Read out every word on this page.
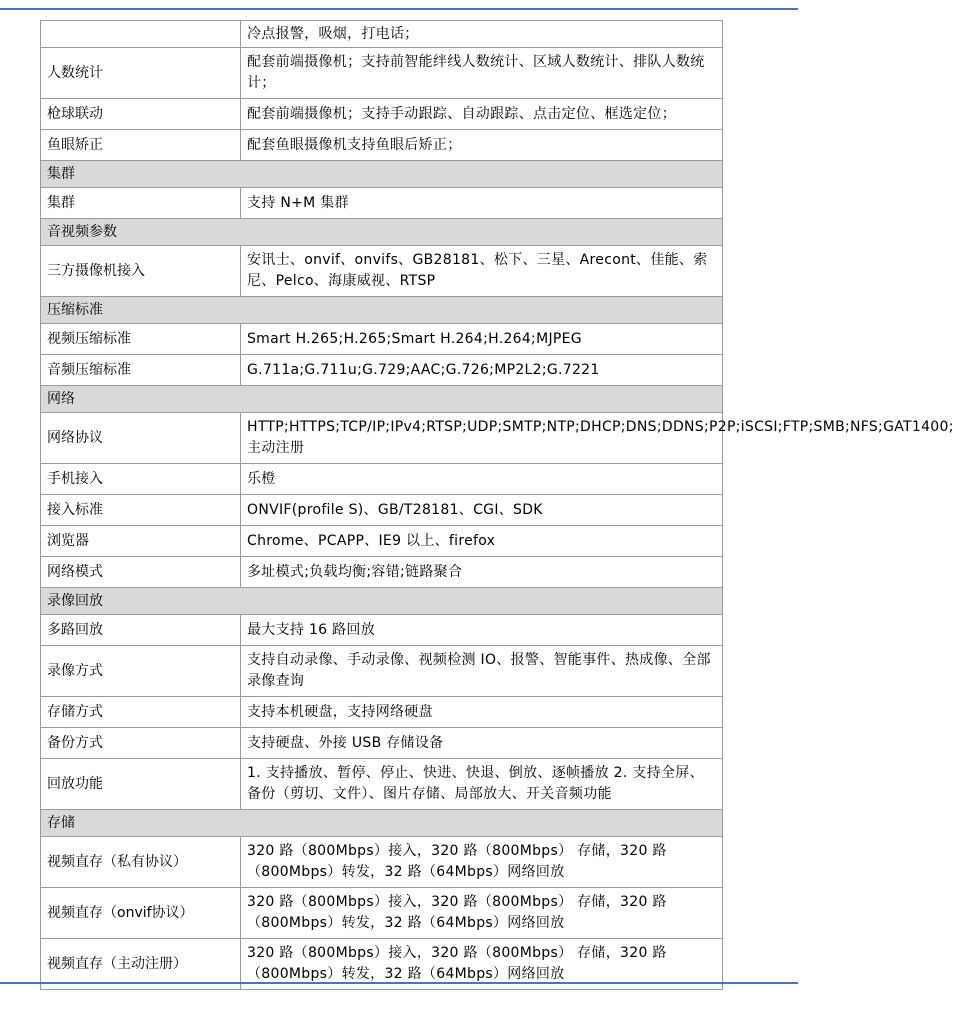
	冷点报警，吸烟，打电话；
人数统计	配套前端摄像机；支持前智能绊线人数统计、区域人数统计、排队人数统计；
枪球联动	配套前端摄像机；支持手动跟踪、自动跟踪、点击定位、框选定位；
鱼眼矫正	配套鱼眼摄像机支持鱼眼后矫正；
集群	
集群	支持 N+M 集群
音视频参数	
三方摄像机接入	安讯士、onvif、onvifs、GB28181、松下、三星、Arecont、佳能、索尼、Pelco、海康威视、RTSP
压缩标准	
视频压缩标准	Smart H.265;H.265;Smart H.264;H.264;MJPEG
音频压缩标准	G.711a;G.711u;G.729;AAC;G.726;MP2L2;G.7221
网络	
网络协议	HTTP;HTTPS;TCP/IP;IPv4;RTSP;UDP;SMTP;NTP;DHCP;DNS;DDNS;P2P;iSCSI;FTP;SMB;NFS;GAT1400;主动注册
手机接入	乐橙
接入标准	ONVIF(profile S)、GB/T28181、CGI、SDK
浏览器	Chrome、PCAPP、IE9 以上、firefox
网络模式	多址模式;负载均衡;容错;链路聚合
录像回放	
多路回放	最大支持 16 路回放
录像方式	支持自动录像、手动录像、视频检测 IO、报警、智能事件、热成像、全部录像查询
存储方式	支持本机硬盘，支持网络硬盘
备份方式	支持硬盘、外接 USB 存储设备
回放功能	1. 支持播放、暂停、停止、快进、快退、倒放、逐帧播放 2. 支持全屏、备份（剪切、文件）、图片存储、局部放大、开关音频功能
存储	
视频直存（私有协议）	320 路（800Mbps）接入，320 路（800Mbps） 存储，320 路（800Mbps）转发，32 路（64Mbps）网络回放
视频直存（onvif协议）	320 路（800Mbps）接入，320 路（800Mbps） 存储，320 路（800Mbps）转发，32 路（64Mbps）网络回放
视频直存（主动注册）	320 路（800Mbps）接入，320 路（800Mbps） 存储，320 路（800Mbps）转发，32 路（64Mbps）网络回放
